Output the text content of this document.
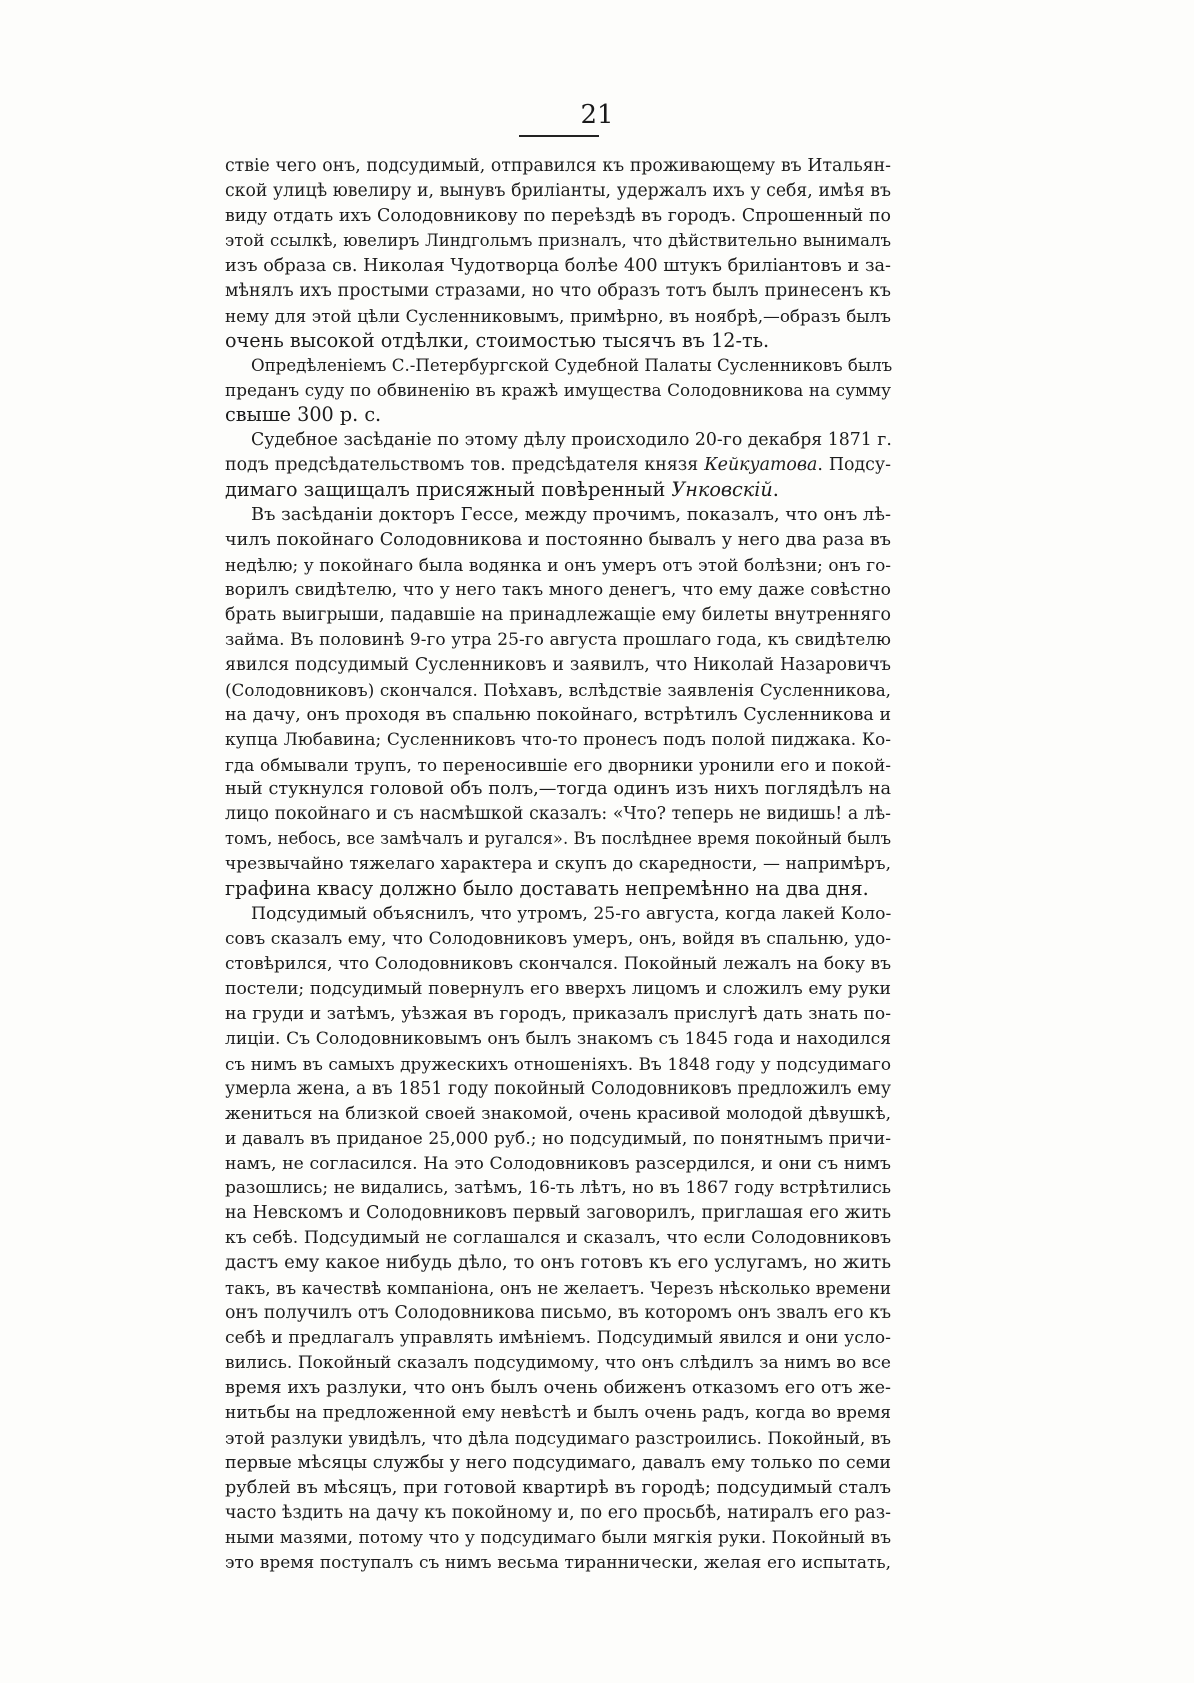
21
ствіе чего онъ, подсудимый, отправился къ проживающему въ Итальян-
ской улицѣ ювелиру и, вынувъ бриліанты, удержалъ ихъ у себя, имѣя въ
виду отдать ихъ Солодовникову по переѣздѣ въ городъ. Спрошенный по
этой ссылкѣ, ювелиръ Линдгольмъ призналъ, что дѣйствительно вынималъ
изъ образа св. Николая Чудотворца болѣе 400 штукъ бриліантовъ и за-
мѣнялъ ихъ простыми стразами, но что образъ тотъ былъ принесенъ къ
нему для этой цѣли Сусленниковымъ, примѣрно, въ ноябрѣ,—образъ былъ
очень высокой отдѣлки, стоимостью тысячъ въ 12-ть.
Опредѣленіемъ С.-Петербургской Судебной Палаты Сусленниковъ былъ
преданъ суду по обвиненію въ кражѣ имущества Солодовникова на сумму
свыше 300 р. с.
Судебное засѣданіе по этому дѣлу происходило 20-го декабря 1871 г.
подъ предсѣдательствомъ тов. предсѣдателя князя Кейкуатова. Подсу-
димаго защищалъ присяжный повѣренный Унковскій.
Въ засѣданіи докторъ Гессе, между прочимъ, показалъ, что онъ лѣ-
чилъ покойнаго Солодовникова и постоянно бывалъ у него два раза въ
недѣлю; у покойнаго была водянка и онъ умеръ отъ этой болѣзни; онъ го-
ворилъ свидѣтелю, что у него такъ много денегъ, что ему даже совѣстно
брать выигрыши, падавшіе на принадлежащіе ему билеты внутренняго
займа. Въ половинѣ 9-го утра 25-го августа прошлаго года, къ свидѣтелю
явился подсудимый Сусленниковъ и заявилъ, что Николай Назаровичъ
(Солодовниковъ) скончался. Поѣхавъ, вслѣдствіе заявленія Сусленникова,
на дачу, онъ проходя въ спальню покойнаго, встрѣтилъ Сусленникова и
купца Любавина; Сусленниковъ что-то пронесъ подъ полой пиджака. Ко-
гда обмывали трупъ, то переносившіе его дворники уронили его и покой-
ный стукнулся головой объ полъ,—тогда одинъ изъ нихъ поглядѣлъ на
лицо покойнаго и съ насмѣшкой сказалъ: «Что? теперь не видишь! а лѣ-
томъ, небось, все замѣчалъ и ругался». Въ послѣднее время покойный былъ
чрезвычайно тяжелаго характера и скупъ до скаредности, — напримѣръ,
графина квасу должно было доставать непремѣнно на два дня.
Подсудимый объяснилъ, что утромъ, 25-го августа, когда лакей Коло-
совъ сказалъ ему, что Солодовниковъ умеръ, онъ, войдя въ спальню, удо-
стовѣрился, что Солодовниковъ скончался. Покойный лежалъ на боку въ
постели; подсудимый повернулъ его вверхъ лицомъ и сложилъ ему руки
на груди и затѣмъ, уѣзжая въ городъ, приказалъ прислугѣ дать знать по-
лиціи. Съ Солодовниковымъ онъ былъ знакомъ съ 1845 года и находился
съ нимъ въ самыхъ дружескихъ отношеніяхъ. Въ 1848 году у подсудимаго
умерла жена, а въ 1851 году покойный Солодовниковъ предложилъ ему
жениться на близкой своей знакомой, очень красивой молодой дѣвушкѣ,
и давалъ въ приданое 25,000 руб.; но подсудимый, по понятнымъ причи-
намъ, не согласился. На это Солодовниковъ разсердился, и они съ нимъ
разошлись; не видались, затѣмъ, 16-ть лѣтъ, но въ 1867 году встрѣтились
на Невскомъ и Солодовниковъ первый заговорилъ, приглашая его жить
къ себѣ. Подсудимый не соглашался и сказалъ, что если Солодовниковъ
дастъ ему какое нибудь дѣло, то онъ готовъ къ его услугамъ, но жить
такъ, въ качествѣ компаніона, онъ не желаетъ. Черезъ нѣсколько времени
онъ получилъ отъ Солодовникова письмо, въ которомъ онъ звалъ его къ
себѣ и предлагалъ управлять имѣніемъ. Подсудимый явился и они усло-
вились. Покойный сказалъ подсудимому, что онъ слѣдилъ за нимъ во все
время ихъ разлуки, что онъ былъ очень обиженъ отказомъ его отъ же-
нитьбы на предложенной ему невѣстѣ и былъ очень радъ, когда во время
этой разлуки увидѣлъ, что дѣла подсудимаго разстроились. Покойный, въ
первые мѣсяцы службы у него подсудимаго, давалъ ему только по семи
рублей въ мѣсяцъ, при готовой квартирѣ въ городѣ; подсудимый сталъ
часто ѣздить на дачу къ покойному и, по его просьбѣ, натиралъ его раз-
ными мазями, потому что у подсудимаго были мягкія руки. Покойный въ
это время поступалъ съ нимъ весьма тираннически, желая его испытать,
